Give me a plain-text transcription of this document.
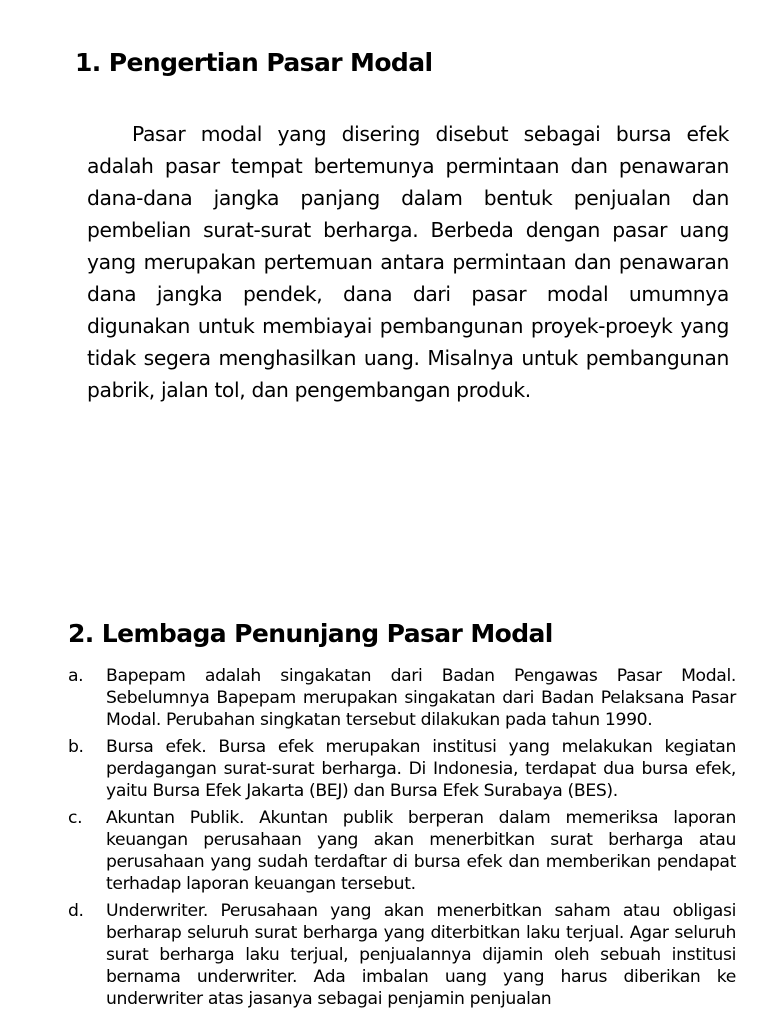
1. Pengertian Pasar Modal

Pasar modal yang disering disebut sebagai bursa efek adalah pasar tempat bertemunya permintaan dan penawaran dana-dana jangka panjang dalam bentuk penjualan dan pembelian surat-surat berharga. Berbeda dengan pasar uang yang merupakan pertemuan antara permintaan dan penawaran dana jangka pendek, dana dari pasar modal umumnya digunakan untuk membiayai pembangunan proyek-proeyk yang tidak segera menghasilkan uang. Misalnya untuk pembangunan pabrik, jalan tol, dan pengembangan produk.

2. Lembaga Penunjang Pasar Modal
a.	Bapepam adalah singakatan dari Badan Pengawas Pasar Modal. Sebelumnya Bapepam merupakan singakatan dari Badan Pelaksana Pasar Modal. Perubahan singkatan tersebut dilakukan pada tahun 1990.

b.	Bursa efek. Bursa efek merupakan institusi yang melakukan kegiatan perdagangan surat-surat berharga. Di Indonesia, terdapat dua bursa efek, yaitu Bursa Efek Jakarta (BEJ) dan Bursa Efek Surabaya (BES).

c.	Akuntan Publik. Akuntan publik berperan dalam memeriksa laporan keuangan perusahaan yang akan menerbitkan surat berharga atau perusahaan yang sudah terdaftar di bursa efek dan memberikan pendapat terhadap laporan keuangan tersebut.

d.	Underwriter. Perusahaan yang akan menerbitkan saham atau obligasi berharap seluruh surat berharga yang diterbitkan laku terjual. Agar seluruh surat berharga laku terjual, penjualannya dijamin oleh sebuah institusi bernama underwriter. Ada imbalan uang yang harus diberikan ke underwriter atas jasanya sebagai penjamin penjualan
